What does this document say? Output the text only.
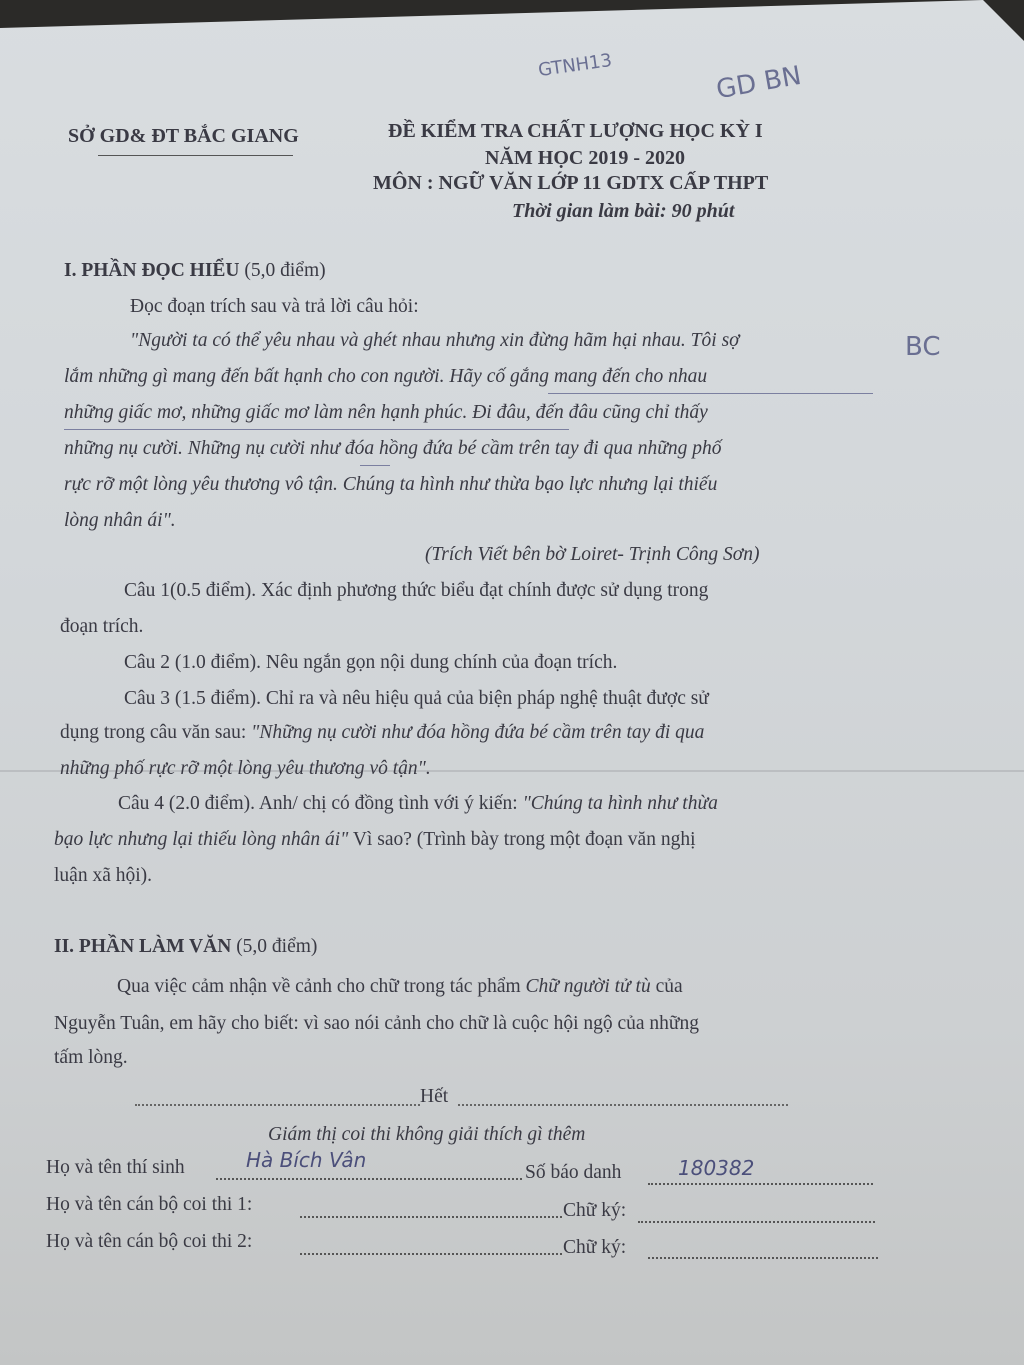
GTNH13	GD BN
BC
SỞ GD& ĐT BẮC GIANG	ĐỀ KIỂM TRA CHẤT LƯỢNG HỌC KỲ I
NĂM HỌC 2019 - 2020
MÔN : NGỮ VĂN LỚP 11 GDTX CẤP THPT
Thời gian làm bài: 90 phút
I. PHẦN ĐỌC HIỂU (5,0 điểm)
Đọc đoạn trích sau và trả lời câu hỏi:
"Người ta có thể yêu nhau và ghét nhau nhưng xin đừng hãm hại nhau. Tôi sợ
lắm những gì mang đến bất hạnh cho con người. Hãy cố gắng mang đến cho nhau
những giấc mơ, những giấc mơ làm nên hạnh phúc. Đi đâu, đến đâu cũng chỉ thấy
những nụ cười. Những nụ cười như đóa hồng đứa bé cầm trên tay đi qua những phố
rực rỡ một lòng yêu thương vô tận. Chúng ta hình như thừa bạo lực nhưng lại thiếu
lòng nhân ái".
(Trích Viết bên bờ Loiret- Trịnh Công Sơn)
Câu 1(0.5 điểm). Xác định phương thức biểu đạt chính được sử dụng trong
đoạn trích.
Câu 2 (1.0 điểm). Nêu ngắn gọn nội dung chính của đoạn trích.
Câu 3 (1.5 điểm). Chỉ ra và nêu hiệu quả của biện pháp nghệ thuật được sử
dụng trong câu văn sau: "Những nụ cười như đóa hồng đứa bé cầm trên tay đi qua
những phố rực rỡ một lòng yêu thương vô tận".
Câu 4 (2.0 điểm). Anh/ chị có đồng tình với ý kiến: "Chúng ta hình như thừa
bạo lực nhưng lại thiếu lòng nhân ái" Vì sao? (Trình bày trong một đoạn văn nghị
luận xã hội).
II. PHẦN LÀM VĂN (5,0 điểm)
Qua việc cảm nhận về cảnh cho chữ trong tác phẩm Chữ người tử tù của
Nguyễn Tuân, em hãy cho biết: vì sao nói cảnh cho chữ là cuộc hội ngộ của những
tấm lòng.
Hết
Giám thị coi thi không giải thích gì thêm
Họ và tên thí sinh	Hà Bích Vân
Số báo danh	180382
Họ và tên cán bộ coi thi 1:	Chữ ký:
Họ và tên cán bộ coi thi 2:	Chữ ký:
